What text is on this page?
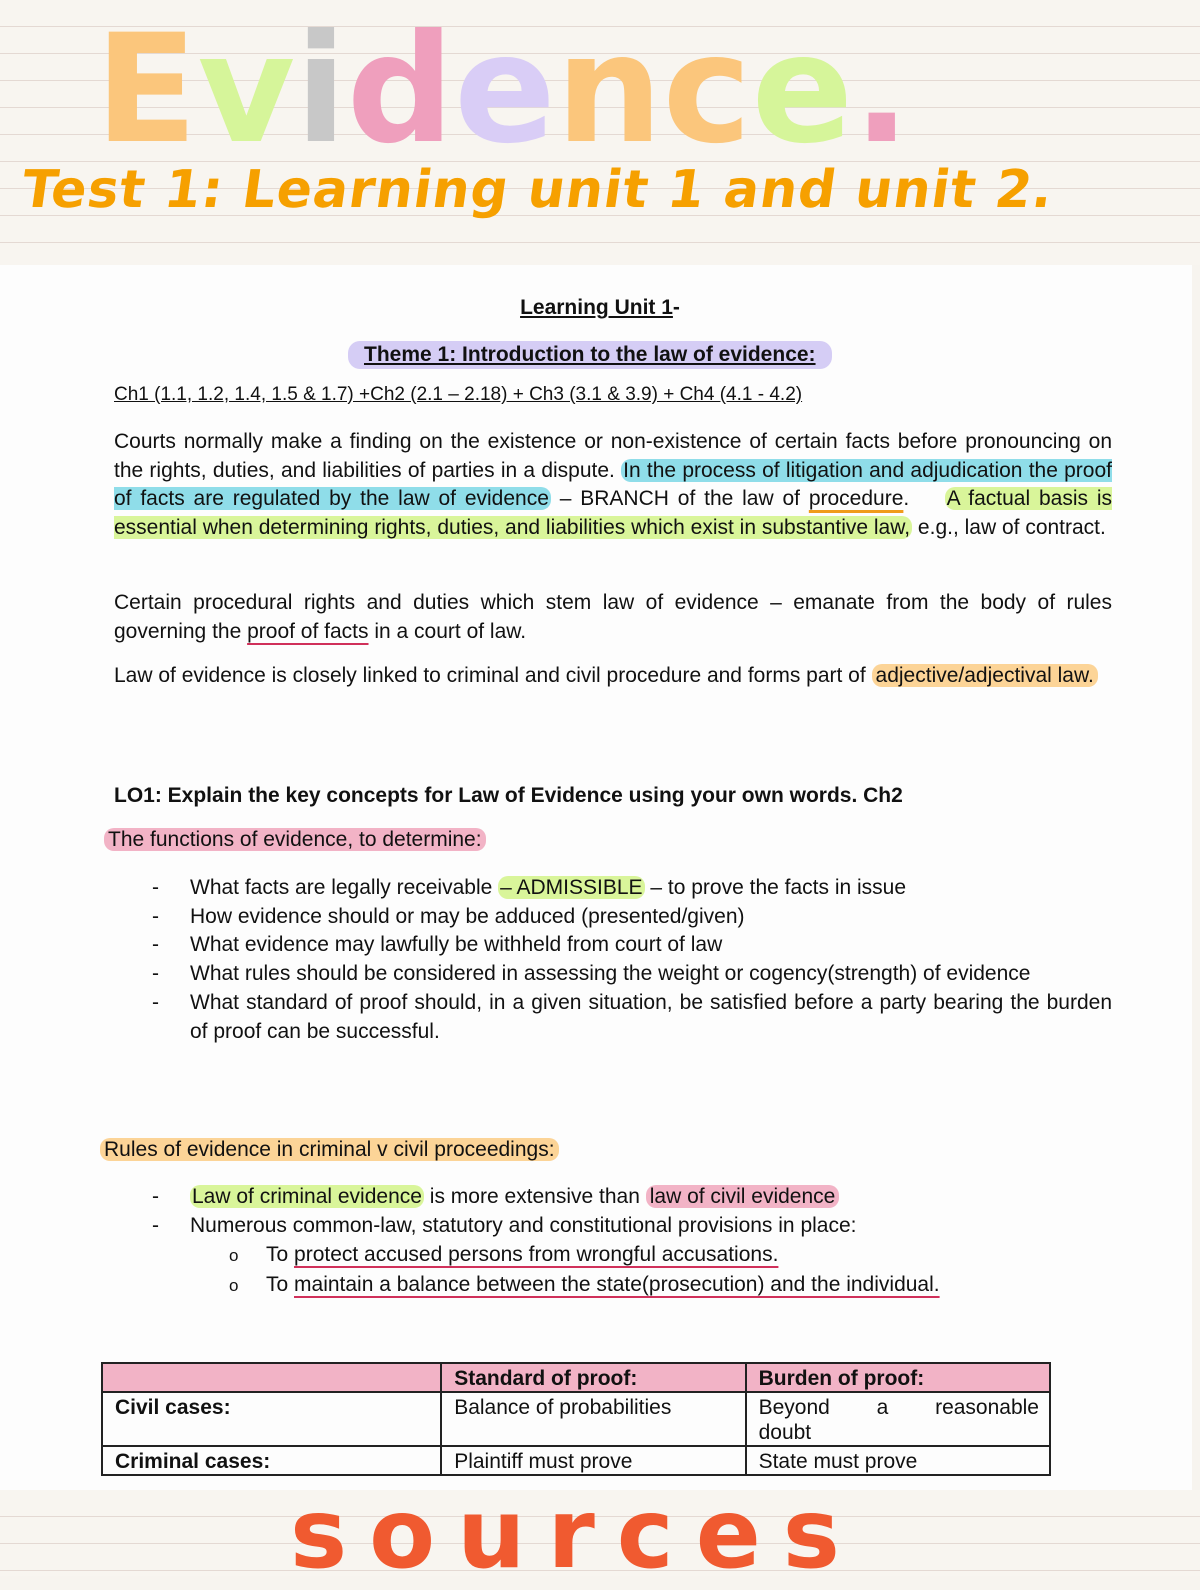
Evidence.
Test 1: Learning unit 1 and unit 2.
Learning Unit 1-
Theme 1: Introduction to the law of evidence:
Ch1 (1.1, 1.2, 1.4, 1.5 & 1.7) +Ch2 (2.1 – 2.18) + Ch3 (3.1 & 3.9) + Ch4 (4.1 - 4.2)
Courts normally make a finding on the existence or non-existence of certain facts before pronouncing on the rights, duties, and liabilities of parties in a dispute. In the process of litigation and adjudication the proof of facts are regulated by the law of evidence – BRANCH of the law of procedure. A factual basis is essential when determining rights, duties, and liabilities which exist in substantive law, e.g., law of contract.
Certain procedural rights and duties which stem law of evidence – emanate from the body of rules governing the proof of facts in a court of law.
Law of evidence is closely linked to criminal and civil procedure and forms part of adjective/adjectival law.
LO1: Explain the key concepts for Law of Evidence using your own words. Ch2
The functions of evidence, to determine:
- What facts are legally receivable – ADMISSIBLE – to prove the facts in issue
- How evidence should or may be adduced (presented/given)
- What evidence may lawfully be withheld from court of law
- What rules should be considered in assessing the weight or cogency(strength) of evidence
- What standard of proof should, in a given situation, be satisfied before a party bearing the burden of proof can be successful.
Rules of evidence in criminal v civil proceedings:
- Law of criminal evidence is more extensive than law of civil evidence
- Numerous common-law, statutory and constitutional provisions in place:
o To protect accused persons from wrongful accusations.
o To maintain a balance between the state(prosecution) and the individual.
	Standard of proof:	Burden of proof:
Civil cases:	Balance of probabilities	Beyond a reasonable
doubt

Criminal cases:	Plaintiff must prove	State must prove
sources
